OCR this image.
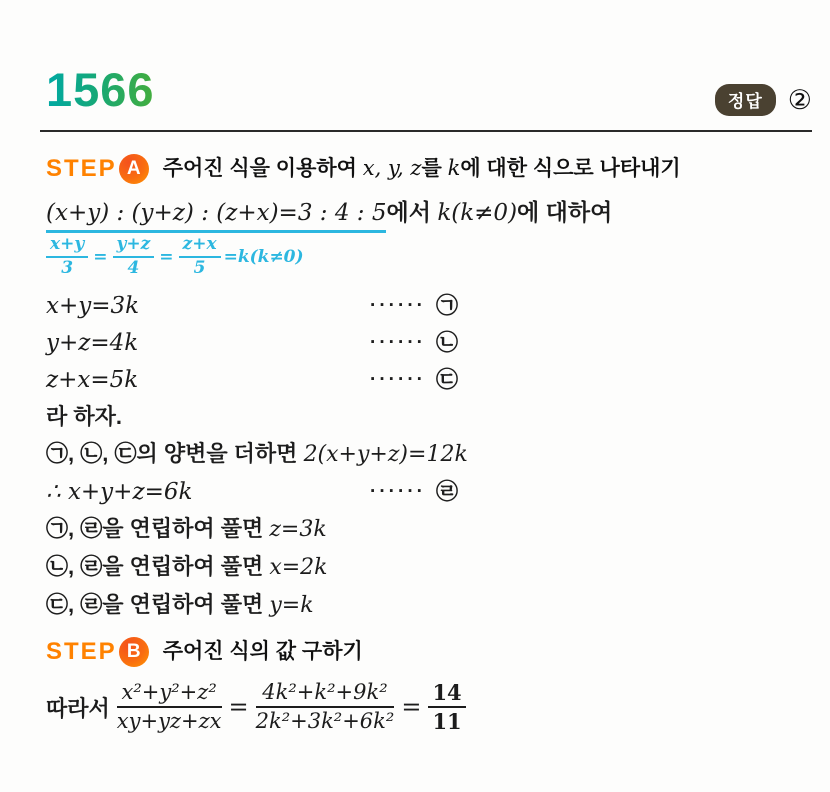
1566	정답 ②
STEP A	주어진 식을 이용하여 x, y, z를 k에 대한 식으로 나타내기
(x+y) : (y+z) : (z+x)=3 : 4 : 5에서 k(k≠0)에 대하여
$\frac{x+y}{3} = \frac{y+z}{4} = \frac{z+x}{5} =k(k\ne 0)$
x+y=3k	······ ㉠
y+z=4k	······ ㉡
z+x=5k	······ ㉢
라 하자.
㉠, ㉡, ㉢의 양변을 더하면 2(x+y+z)=12k
∴ x+y+z=6k	······ ㉣
㉠, ㉣을 연립하여 풀면 z=3k
㉡, ㉣을 연립하여 풀면 x=2k
㉢, ㉣을 연립하여 풀면 y=k
STEP B	주어진 식의 값 구하기
따라서 $\frac{\text{x²+y²+z²}}{xy+yz+zx} = \frac{\text{4k²+k²+9k²}}{\text{2k²+3k²+6k²}} = \frac{14}{11}$
